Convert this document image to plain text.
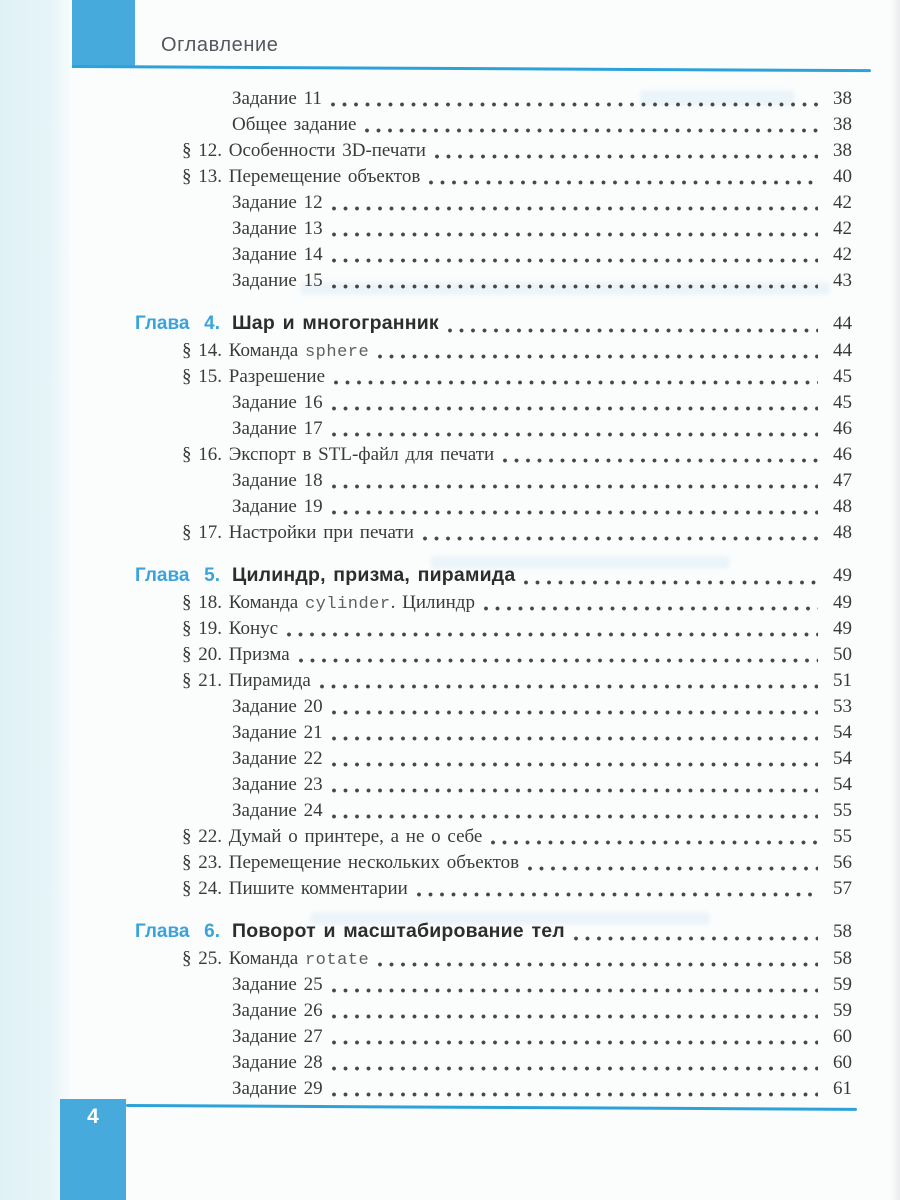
Оглавление
Задание 11	38
Общее задание	38
§ 12. Особенности 3D-печати	38
§ 13. Перемещение объектов	40
Задание 12	42
Задание 13	42
Задание 14	42
Задание 15	43
Глава 4. Шар и многогранник	44
§ 14. Команда sphere	44
§ 15. Разрешение	45
Задание 16	45
Задание 17	46
§ 16. Экспорт в STL-файл для печати	46
Задание 18	47
Задание 19	48
§ 17. Настройки при печати	48
Глава 5. Цилиндр, призма, пирамида	49
§ 18. Команда cylinder. Цилиндр	49
§ 19. Конус	49
§ 20. Призма	50
§ 21. Пирамида	51
Задание 20	53
Задание 21	54
Задание 22	54
Задание 23	54
Задание 24	55
§ 22. Думай о принтере, а не о себе	55
§ 23. Перемещение нескольких объектов	56
§ 24. Пишите комментарии	57
Глава 6. Поворот и масштабирование тел	58
§ 25. Команда rotate	58
Задание 25	59
Задание 26	59
Задание 27	60
Задание 28	60
Задание 29	61
4
